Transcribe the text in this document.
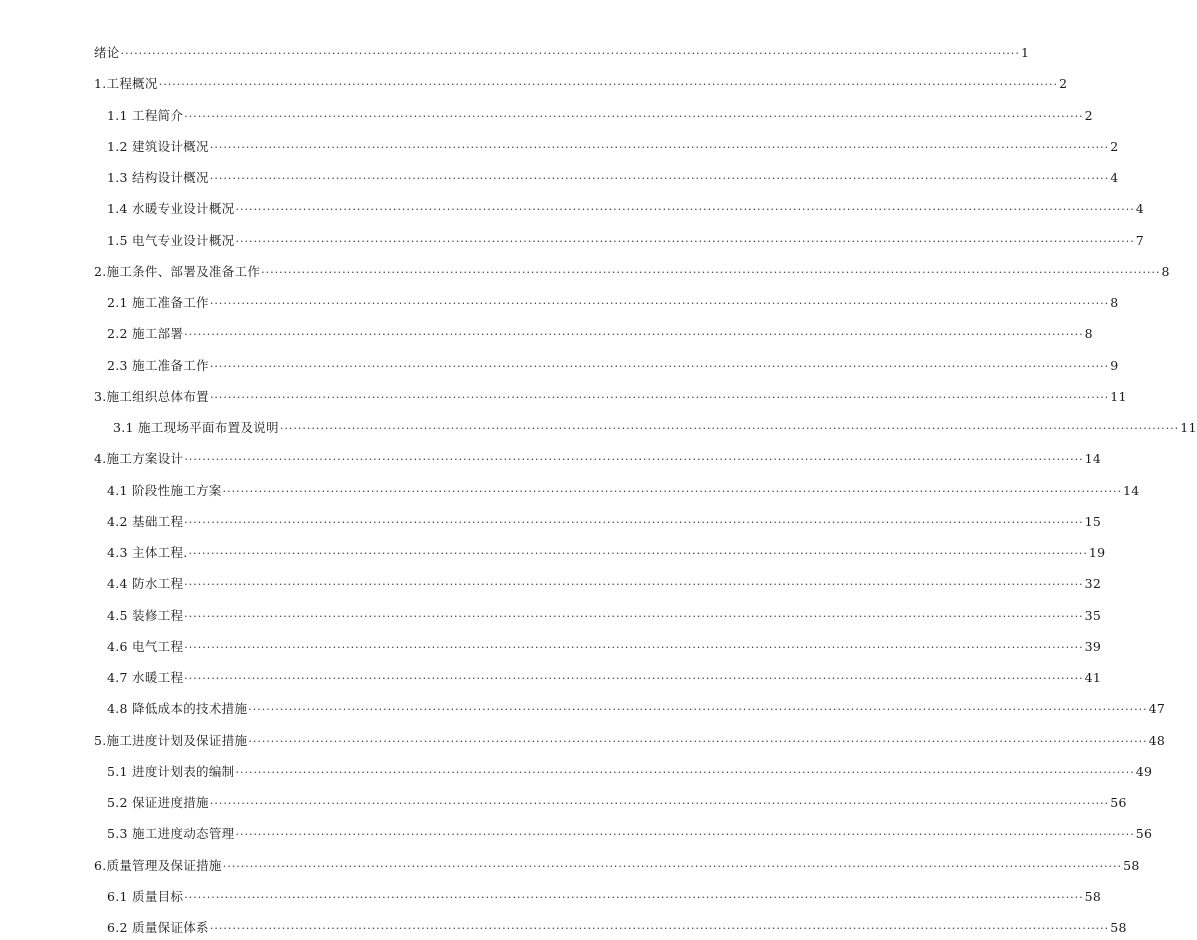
绪论 ········································································································································································································ 1
1.工程概况 ········································································································································································································ 2
1.1 工程简介 ········································································································································································································ 2
1.2 建筑设计概况 ········································································································································································································ 2
1.3 结构设计概况 ········································································································································································································ 4
1.4 水暖专业设计概况 ········································································································································································································ 4
1.5 电气专业设计概况 ········································································································································································································ 7
2.施工条件、部署及准备工作 ········································································································································································································ 8
2.1 施工准备工作 ········································································································································································································ 8
2.2 施工部署 ········································································································································································································ 8
2.3 施工准备工作 ········································································································································································································ 9
3.施工组织总体布置 ········································································································································································································ 11
3.1 施工现场平面布置及说明 ········································································································································································································ 11
4.施工方案设计 ········································································································································································································ 14
4.1 阶段性施工方案 ········································································································································································································ 14
4.2 基础工程 ········································································································································································································ 15
4.3 主体工程. ········································································································································································································ 19
4.4 防水工程 ········································································································································································································ 32
4.5 装修工程 ········································································································································································································ 35
4.6 电气工程 ········································································································································································································ 39
4.7 水暖工程 ········································································································································································································ 41
4.8 降低成本的技术措施 ········································································································································································································ 47
5.施工进度计划及保证措施 ········································································································································································································ 48
5.1 进度计划表的编制 ········································································································································································································ 49
5.2 保证进度措施 ········································································································································································································ 56
5.3 施工进度动态管理 ········································································································································································································ 56
6.质量管理及保证措施 ········································································································································································································ 58
6.1 质量目标 ········································································································································································································ 58
6.2 质量保证体系 ········································································································································································································ 58
